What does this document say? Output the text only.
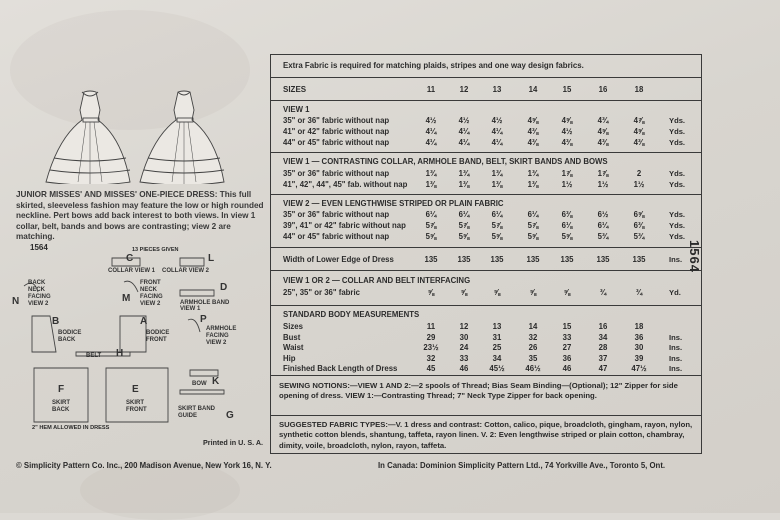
JUNIOR MISSES' AND MISSES' ONE-PIECE DRESS: This full skirted, sleeveless fashion may feature the low or high rounded neckline. Pert bows add back interest to both views. In view 1 collar, belt, bands and bows are contrasting; view 2 are matching.
1564	13 PIECES GIVEN
C
COLLAR VIEW 1
L
COLLAR VIEW 2
N
BACK NECK FACING VIEW 2	M
FRONT NECK FACING VIEW 2
D
ARMHOLE BAND VIEW 1
B
BODICE BACK
A
BODICE FRONT
P
ARMHOLE FACING VIEW 2
H
BELT
F
SKIRT BACK
E
SKIRT FRONT
K
BOW
G
SKIRT BAND GUIDE
2" HEM ALLOWED IN DRESS
Printed in U. S. A.
Extra Fabric is required for matching plaids, stripes and one way design fabrics.
SIZES	11	12	13	14	15	16	18
VIEW 1
35" or 36" fabric without nap	4½	4½	4½	4⅝	4⅝	4¾	4⅞	Yds.
41" or 42" fabric without nap	4¼	4¼	4¼	4⅜	4½	4⅝	4⅝	Yds.
44" or 45" fabric without nap	4¼	4¼	4¼	4⅜	4⅜	4⅜	4⅜	Yds.
VIEW 1 — CONTRASTING COLLAR, ARMHOLE BAND, BELT, SKIRT BANDS AND BOWS
35" or 36" fabric without nap	1¾	1¾	1¾	1¾	1⅞	1⅞	2	Yds.
41", 42", 44", 45" fab. without nap	1⅜	1⅜	1⅜	1⅜	1½	1½	1½	Yds.
VIEW 2 — EVEN LENGTHWISE STRIPED OR PLAIN FABRIC
35" or 36" fabric without nap	6¼	6¼	6¼	6¼	6⅜	6½	6⅝	Yds.
39", 41" or 42" fabric without nap	5⅞	5⅞	5⅞	5⅞	6⅛	6¼	6⅜	Yds.
44" or 45" fabric without nap	5⅝	5⅝	5⅝	5⅝	5⅝	5¾	5¾	Yds.
Width of Lower Edge of Dress	135	135	135	135	135	135	135	Ins.
VIEW 1 OR 2 — COLLAR AND BELT INTERFACING
25", 35" or 36" fabric	⅝	⅝	⅝	⅝	⅝	¾	¾	Yd.
STANDARD BODY MEASUREMENTS
Sizes	11	12	13	14	15	16	18
Bust	29	30	31	32	33	34	36	Ins.
Waist	23½	24	25	26	27	28	30	Ins.
Hip	32	33	34	35	36	37	39	Ins.
Finished Back Length of Dress	45	46	45½	46½	46	47	47½	Ins.
SEWING NOTIONS:—VIEW 1 AND 2:—2 spools of Thread; Bias Seam Binding—(Optional); 12" Zipper for side opening of dress. VIEW 1:—Contrasting Thread; 7" Neck Type Zipper for back opening.
SUGGESTED FABRIC TYPES:—V. 1 dress and contrast: Cotton, calico, pique, broadcloth, gingham, rayon, nylon, synthetic cotton blends, shantung, taffeta, rayon linen. V. 2: Even lengthwise striped or plain cotton, chambray, dimity, voile, broadcloth, nylon, rayon, taffeta.
1564
© Simplicity Pattern Co. Inc., 200 Madison Avenue, New York 16, N. Y.	In Canada: Dominion Simplicity Pattern Ltd., 74 Yorkville Ave., Toronto 5, Ont.
